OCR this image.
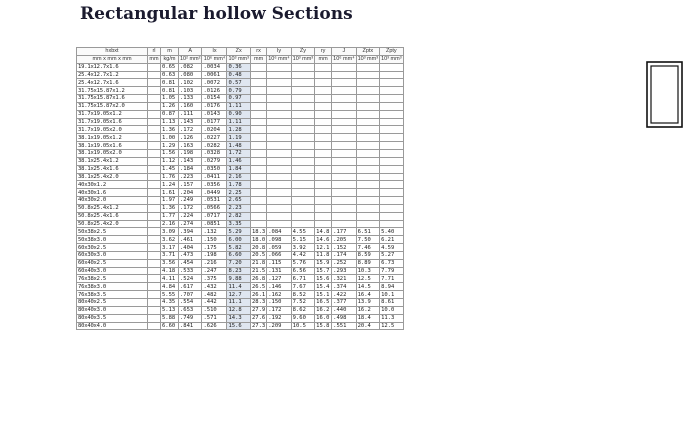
Rectangular hollow Sections
hxbxt	rl	m	A	Ix	Zx	rx	Iy	Zy	ry	J	Zptx	Zpty
mm x mm x mm	mm	kg/m	10² mm²	10⁶ mm⁴	10³ mm³	mm	10⁶ mm⁴	10³ mm³	mm	10⁶ mm⁴	10³ mm³	10³ mm³
19.1x12.7x1.6		0.65	.082	.0034	0.36							
25.4x12.7x1.2		0.63	.080	.0061	0.48							
25.4x12.7x1.6		0.81	.102	.0072	0.57							
31.75x15.87x1.2		0.81	.103	.0126	0.79							
31.75x15.87x1.6		1.05	.133	.0154	0.97							
31.75x15.87x2.0		1.26	.160	.0176	1.11							
31.7x19.05x1.2		0.87	.111	.0143	0.90							
31.7x19.05x1.6		1.13	.143	.0177	1.11							
31.7x19.05x2.0		1.36	.172	.0204	1.28							
38.1x19.05x1.2		1.00	.126	.0227	1.19							
38.1x19.05x1.6		1.29	.163	.0282	1.48							
38.1x19.05x2.0		1.56	.198	.0328	1.72							
38.1x25.4x1.2		1.12	.143	.0279	1.46							
38.1x25.4x1.6		1.45	.184	.0350	1.84							
38.1x25.4x2.0		1.76	.223	.0411	2.16							
40x30x1.2		1.24	.157	.0356	1.78							
40x30x1.6		1.61	.204	.0449	2.25							
40x30x2.0		1.97	.249	.0531	2.65							
50.8x25.4x1.2		1.36	.172	.0566	2.23							
50.8x25.4x1.6		1.77	.224	.0717	2.82							
50.8x25.4x2.0		2.16	.274	.0851	3.35							
50x38x2.5		3.09	.394	.132	5.29	18.3	.084	4.55	14.8	.177	6.51	5.40
50x38x3.0		3.62	.461	.150	6.00	18.0	.098	5.15	14.6	.205	7.50	6.21
60x30x2.5		3.17	.404	.175	5.82	20.8	.059	3.92	12.1	.152	7.46	4.59
60x30x3.0		3.71	.473	.198	6.60	20.5	.066	4.42	11.8	.174	8.59	5.27
60x40x2.5		3.56	.454	.216	7.20	21.8	.115	5.76	15.9	.252	8.89	6.73
60x40x3.0		4.18	.533	.247	8.23	21.5	.131	6.56	15.7	.293	10.3	7.79
76x38x2.5		4.11	.524	.375	9.88	26.8	.127	6.71	15.6	.321	12.5	7.71
76x38x3.0		4.84	.617	.432	11.4	26.5	.146	7.67	15.4	.374	14.5	8.94
76x38x3.5		5.55	.707	.482	12.7	26.1	.162	8.52	15.1	.422	16.4	10.1
80x40x2.5		4.35	.554	.442	11.1	28.3	.150	7.52	16.5	.377	13.9	8.61
80x40x3.0		5.13	.653	.510	12.8	27.9	.172	8.62	16.2	.440	16.2	10.0
80x40x3.5		5.88	.749	.571	14.3	27.6	.192	9.60	16.0	.498	18.4	11.3
80x40x4.0		6.60	.841	.626	15.6	27.3	.209	10.5	15.8	.551	20.4	12.5
